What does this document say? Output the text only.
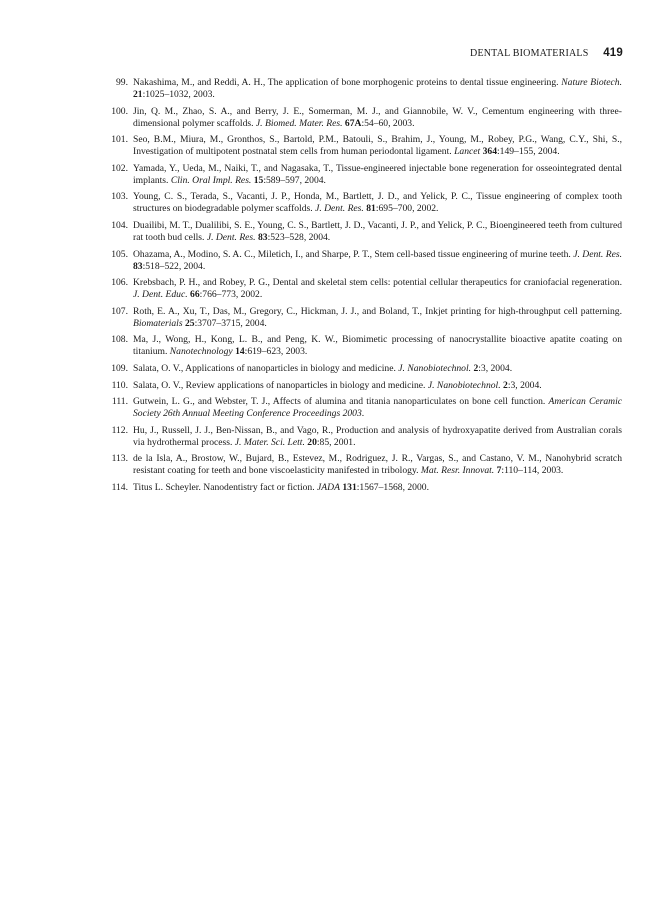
DENTAL BIOMATERIALS 419
99. Nakashima, M., and Reddi, A. H., The application of bone morphogenic proteins to dental tissue engineering. Nature Biotech. 21:1025–1032, 2003.
100. Jin, Q. M., Zhao, S. A., and Berry, J. E., Somerman, M. J., and Giannobile, W. V., Cementum engineering with three-dimensional polymer scaffolds. J. Biomed. Mater. Res. 67A:54–60, 2003.
101. Seo, B.M., Miura, M., Gronthos, S., Bartold, P.M., Batouli, S., Brahim, J., Young, M., Robey, P.G., Wang, C.Y., Shi, S., Investigation of multipotent postnatal stem cells from human periodontal ligament. Lancet 364:149–155, 2004.
102. Yamada, Y., Ueda, M., Naiki, T., and Nagasaka, T., Tissue-engineered injectable bone regeneration for osseointegrated dental implants. Clin. Oral Impl. Res. 15:589–597, 2004.
103. Young, C. S., Terada, S., Vacanti, J. P., Honda, M., Bartlett, J. D., and Yelick, P. C., Tissue engineering of complex tooth structures on biodegradable polymer scaffolds. J. Dent. Res. 81:695–700, 2002.
104. Duailibi, M. T., Dualilibi, S. E., Young, C. S., Bartlett, J. D., Vacanti, J. P., and Yelick, P. C., Bioengineered teeth from cultured rat tooth bud cells. J. Dent. Res. 83:523–528, 2004.
105. Ohazama, A., Modino, S. A. C., Miletich, I., and Sharpe, P. T., Stem cell-based tissue engineering of murine teeth. J. Dent. Res. 83:518–522, 2004.
106. Krebsbach, P. H., and Robey, P. G., Dental and skeletal stem cells: potential cellular therapeutics for craniofacial regeneration. J. Dent. Educ. 66:766–773, 2002.
107. Roth, E. A., Xu, T., Das, M., Gregory, C., Hickman, J. J., and Boland, T., Inkjet printing for high-throughput cell patterning. Biomaterials 25:3707–3715, 2004.
108. Ma, J., Wong, H., Kong, L. B., and Peng, K. W., Biomimetic processing of nanocrystallite bioactive apatite coating on titanium. Nanotechnology 14:619–623, 2003.
109. Salata, O. V., Applications of nanoparticles in biology and medicine. J. Nanobiotechnol. 2:3, 2004.
110. Salata, O. V., Review applications of nanoparticles in biology and medicine. J. Nanobiotechnol. 2:3, 2004.
111. Gutwein, L. G., and Webster, T. J., Affects of alumina and titania nanoparticulates on bone cell function. American Ceramic Society 26th Annual Meeting Conference Proceedings 2003.
112. Hu, J., Russell, J. J., Ben-Nissan, B., and Vago, R., Production and analysis of hydroxyapatite derived from Australian corals via hydrothermal process. J. Mater. Sci. Lett. 20:85, 2001.
113. de la Isla, A., Brostow, W., Bujard, B., Estevez, M., Rodriguez, J. R., Vargas, S., and Castano, V. M., Nanohybrid scratch resistant coating for teeth and bone viscoelasticity manifested in tribology. Mat. Resr. Innovat. 7:110–114, 2003.
114. Titus L. Scheyler. Nanodentistry fact or fiction. JADA 131:1567–1568, 2000.
